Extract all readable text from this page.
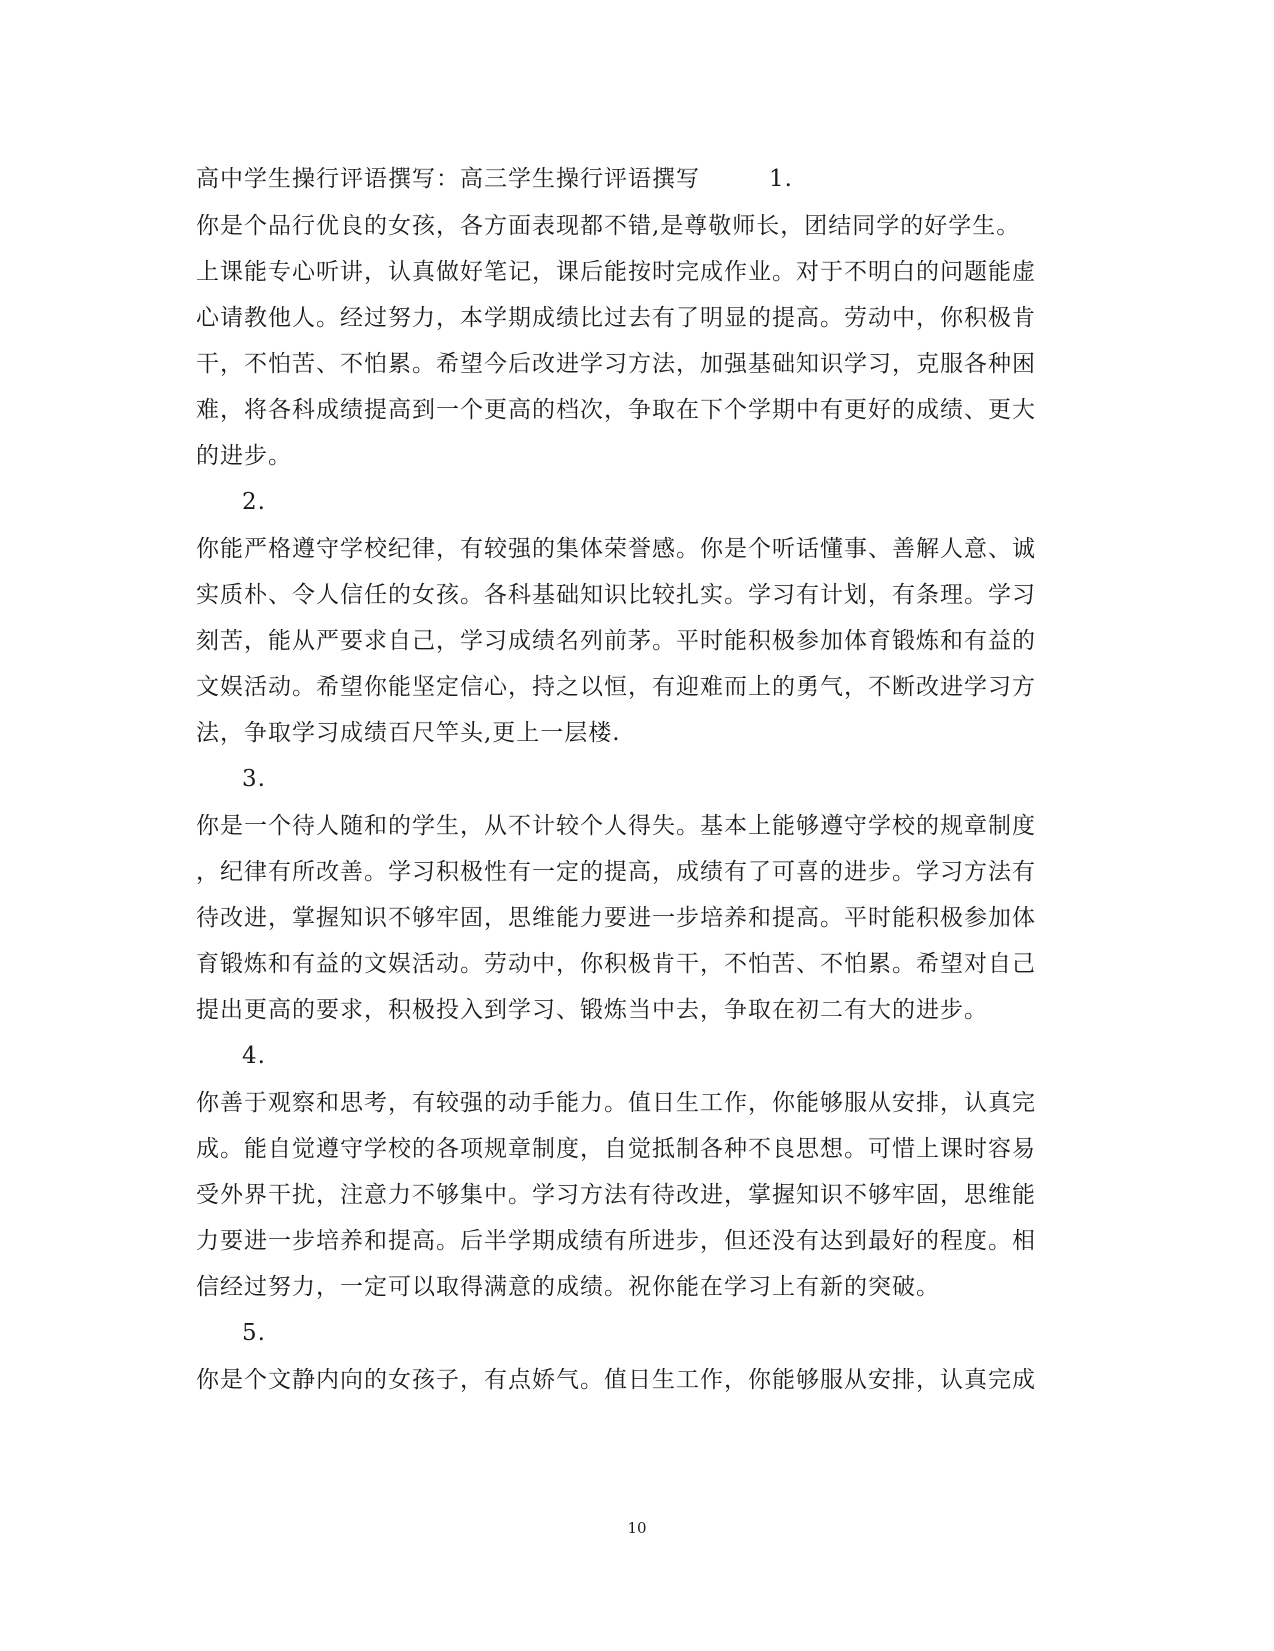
高中学生操行评语撰写：高三学生操行评语撰写	1.
你是个品行优良的女孩，各方面表现都不错,是尊敬师长，团结同学的好学生。
上课能专心听讲，认真做好笔记，课后能按时完成作业。对于不明白的问题能虚
心请教他人。经过努力，本学期成绩比过去有了明显的提高。劳动中，你积极肯
干，不怕苦、不怕累。希望今后改进学习方法，加强基础知识学习，克服各种困
难，将各科成绩提高到一个更高的档次，争取在下个学期中有更好的成绩、更大
的进步。
2.
你能严格遵守学校纪律，有较强的集体荣誉感。你是个听话懂事、善解人意、诚
实质朴、令人信任的女孩。各科基础知识比较扎实。学习有计划，有条理。学习
刻苦，能从严要求自己，学习成绩名列前茅。平时能积极参加体育锻炼和有益的
文娱活动。希望你能坚定信心，持之以恒，有迎难而上的勇气，不断改进学习方
法，争取学习成绩百尺竿头,更上一层楼.
3.
你是一个待人随和的学生，从不计较个人得失。基本上能够遵守学校的规章制度
，纪律有所改善。学习积极性有一定的提高，成绩有了可喜的进步。学习方法有
待改进，掌握知识不够牢固，思维能力要进一步培养和提高。平时能积极参加体
育锻炼和有益的文娱活动。劳动中，你积极肯干，不怕苦、不怕累。希望对自己
提出更高的要求，积极投入到学习、锻炼当中去，争取在初二有大的进步。
4.
你善于观察和思考，有较强的动手能力。值日生工作，你能够服从安排，认真完
成。能自觉遵守学校的各项规章制度，自觉抵制各种不良思想。可惜上课时容易
受外界干扰，注意力不够集中。学习方法有待改进，掌握知识不够牢固，思维能
力要进一步培养和提高。后半学期成绩有所进步，但还没有达到最好的程度。相
信经过努力，一定可以取得满意的成绩。祝你能在学习上有新的突破。
5.
你是个文静内向的女孩子，有点娇气。值日生工作，你能够服从安排，认真完成
10
